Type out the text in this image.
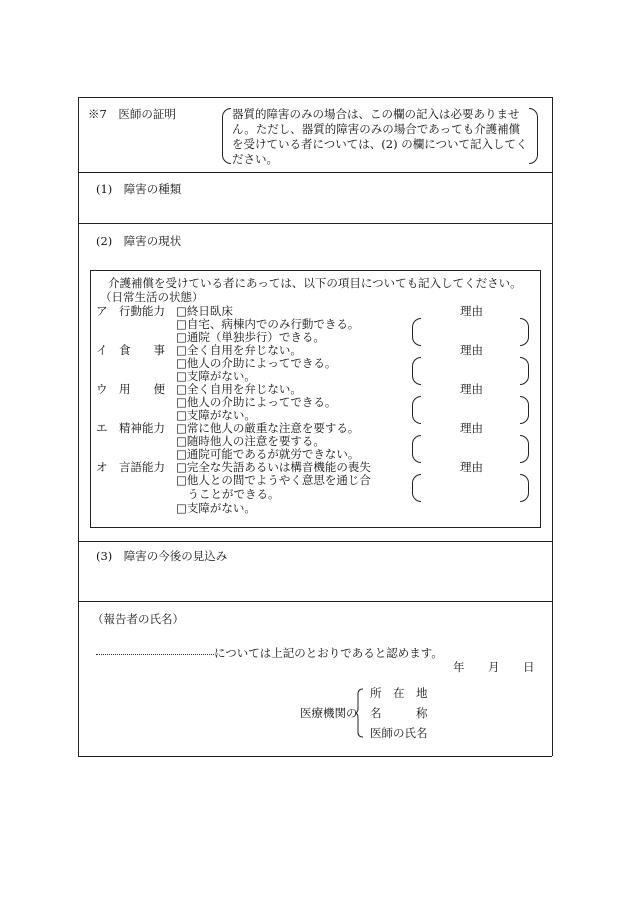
※7　医師の証明	器質的障害のみの場合は、この欄の記入は必要ありませ
ん。ただし、器質的障害のみの場合であっても介護補償
を受けている者については、(2) の欄について記入してく
ださい。
(1)　障害の種類
(2)　障害の現状
(3)　障害の今後の見込み
介護補償を受けている者にあっては、以下の項目についても記入してください。
（日常生活の状態）
ア　行動能力 □終日臥床
□自宅、病棟内でのみ行動できる。
□通院（単独歩行）できる。
理由
イ　食　　事 □全く自用を弁じない。
□他人の介助によってできる。
□支障がない。
理由
ウ　用　　便 □全く自用を弁じない。
□他人の介助によってできる。
□支障がない。
理由
エ　精神能力 □常に他人の厳重な注意を要する。
□随時他人の注意を要する。
□通院可能であるが就労できない。
理由
オ　言語能力 □完全な失語あるいは構音機能の喪失
□他人との間でようやく意思を通じ合
　うことができる。
□支障がない。
理由
（報告者の氏名）
については上記のとおりであると認めます。
年 月 日
医療機関の
所　在　地
名　　　称
医師の氏名
